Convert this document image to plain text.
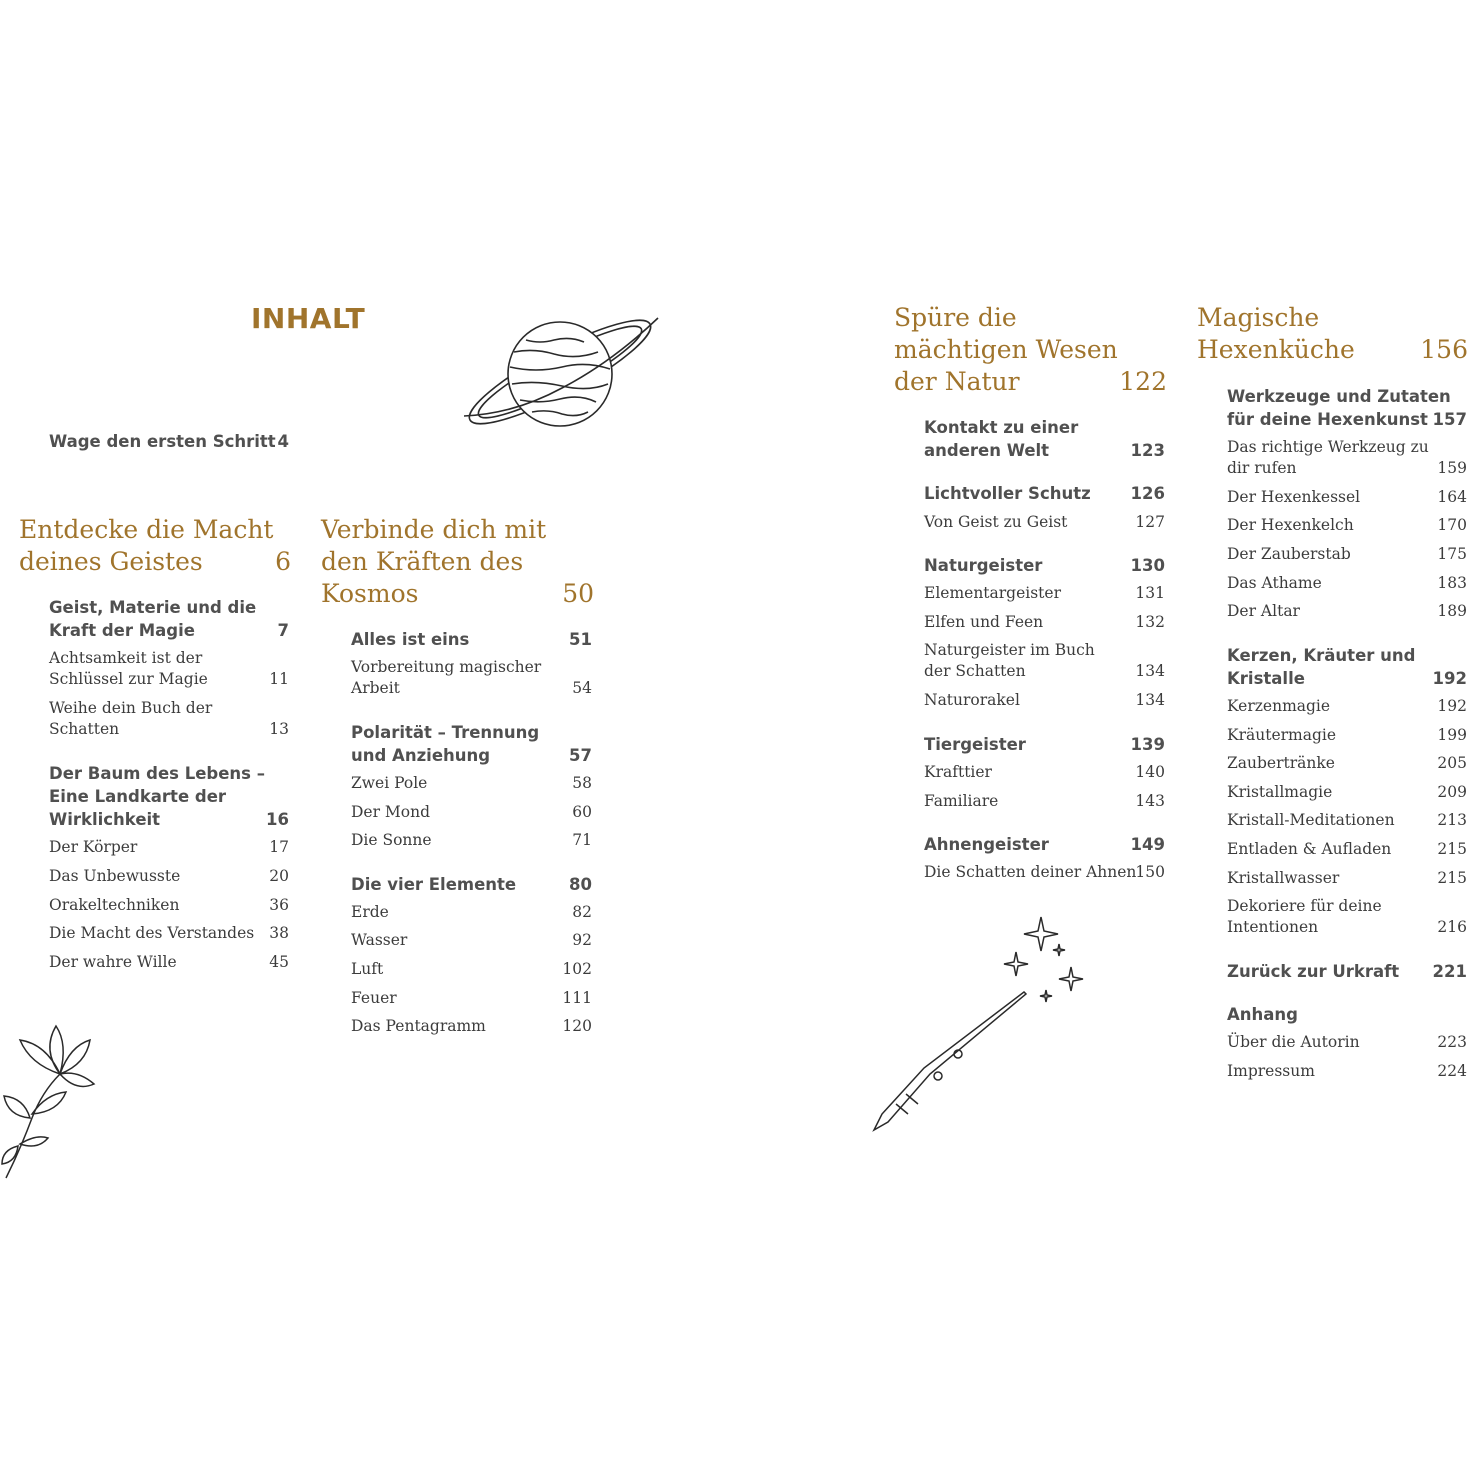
INHALT
Wage den ersten Schritt 4
Entdecke die Macht
deines Geistes	6
Geist, Materie und die
Kraft der Magie	7
Achtsamkeit ist der
Schlüssel zur Magie	11
Weihe dein Buch der
Schatten	13
Der Baum des Lebens –
Eine Landkarte der
Wirklichkeit	16
Der Körper	17
Das Unbewusste	20
Orakeltechniken	36
Die Macht des Verstandes 38
Der wahre Wille	45
Verbinde dich mit
den Kräften des
Kosmos	50
Alles ist eins	51
Vorbereitung magischer
Arbeit	54
Polarität – Trennung
und Anziehung	57
Zwei Pole	58
Der Mond	60
Die Sonne	71
Die vier Elemente	80
Erde	82
Wasser	92
Luft	102
Feuer	111
Das Pentagramm	120
Spüre die
mächtigen Wesen
der Natur	122
Kontakt zu einer
anderen Welt	123
Lichtvoller Schutz	126
Von Geist zu Geist	127
Naturgeister	130
Elementargeister	131
Elfen und Feen	132
Naturgeister im Buch
der Schatten	134
Naturorakel	134
Tiergeister	139
Krafttier	140
Familiare	143
Ahnengeister	149
Die Schatten deiner Ahnen 150
Magische
Hexenküche	156
Werkzeuge und Zutaten
für deine Hexenkunst 157
Das richtige Werkzeug zu
dir rufen	159
Der Hexenkessel	164
Der Hexenkelch	170
Der Zauberstab	175
Das Athame	183
Der Altar	189
Kerzen, Kräuter und
Kristalle	192
Kerzenmagie	192
Kräutermagie	199
Zaubertränke	205
Kristallmagie	209
Kristall-Meditationen	213
Entladen & Aufladen	215
Kristallwasser	215
Dekoriere für deine
Intentionen	216
Zurück zur Urkraft	221
Anhang
Über die Autorin	223
Impressum	224
